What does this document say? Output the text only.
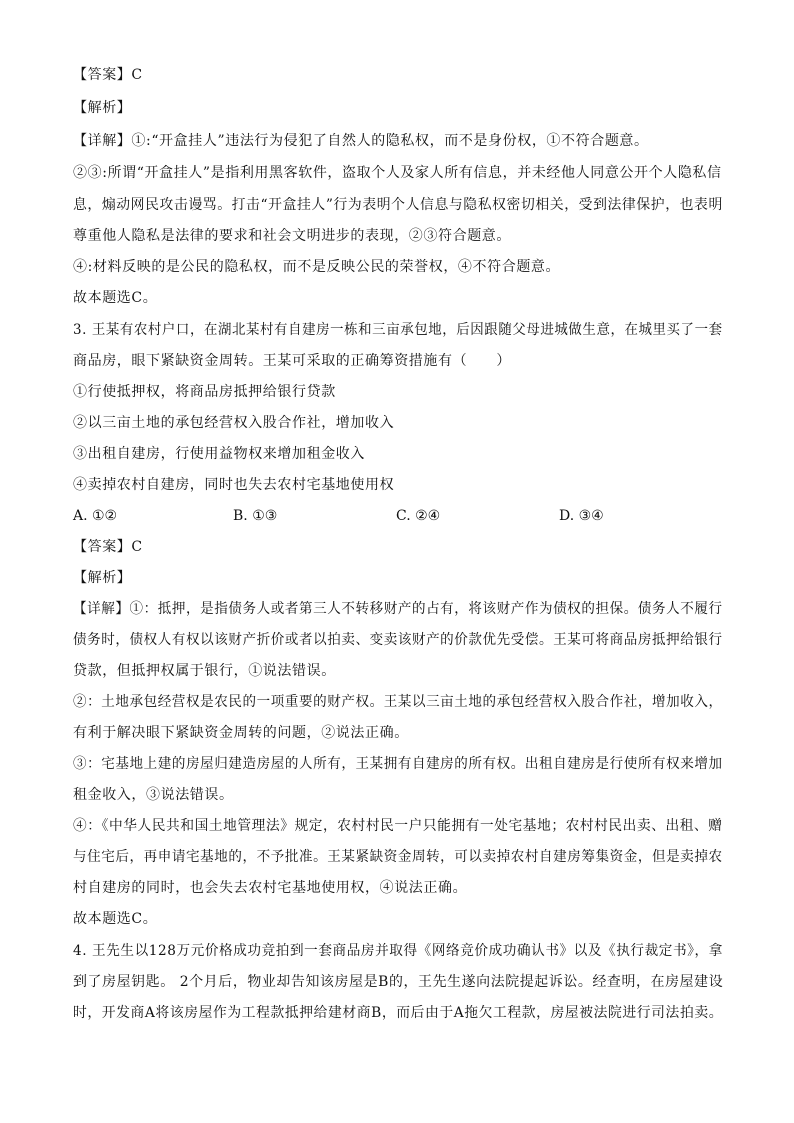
【答案】C
【解析】
【详解】①:“开盒挂人”违法行为侵犯了自然人的隐私权，而不是身份权，①不符合题意。
②③:所谓“开盒挂人”是指利用黑客软件，盗取个人及家人所有信息，并未经他人同意公开个人隐私信
息，煽动网民攻击谩骂。打击“开盒挂人”行为表明个人信息与隐私权密切相关，受到法律保护，也表明
尊重他人隐私是法律的要求和社会文明进步的表现，②③符合题意。
④:材料反映的是公民的隐私权，而不是反映公民的荣誉权，④不符合题意。
故本题选C。
3. 王某有农村户口，在湖北某村有自建房一栋和三亩承包地，后因跟随父母进城做生意，在城里买了一套
商品房，眼下紧缺资金周转。王某可采取的正确筹资措施有（　　）
①行使抵押权，将商品房抵押给银行贷款
②以三亩土地的承包经营权入股合作社，增加收入
③出租自建房，行使用益物权来增加租金收入
④卖掉农村自建房，同时也失去农村宅基地使用权
A. ①②	B. ①③	C. ②④	D. ③④
【答案】C
【解析】
【详解】①：抵押，是指债务人或者第三人不转移财产的占有，将该财产作为债权的担保。债务人不履行
债务时，债权人有权以该财产折价或者以拍卖、变卖该财产的价款优先受偿。王某可将商品房抵押给银行
贷款，但抵押权属于银行，①说法错误。
②：土地承包经营权是农民的一项重要的财产权。王某以三亩土地的承包经营权入股合作社，增加收入，
有利于解决眼下紧缺资金周转的问题，②说法正确。
③：宅基地上建的房屋归建造房屋的人所有，王某拥有自建房的所有权。出租自建房是行使所有权来增加
租金收入，③说法错误。
④：《中华人民共和国土地管理法》规定，农村村民一户只能拥有一处宅基地；农村村民出卖、出租、赠
与住宅后，再申请宅基地的，不予批准。王某紧缺资金周转，可以卖掉农村自建房筹集资金，但是卖掉农
村自建房的同时，也会失去农村宅基地使用权，④说法正确。
故本题选C。
4. 王先生以128万元价格成功竞拍到一套商品房并取得《网络竞价成功确认书》以及《执行裁定书》，拿
到了房屋钥匙。 2个月后，物业却告知该房屋是B的，王先生遂向法院提起诉讼。经查明，在房屋建设
时，开发商A将该房屋作为工程款抵押给建材商B，而后由于A拖欠工程款，房屋被法院进行司法拍卖。
